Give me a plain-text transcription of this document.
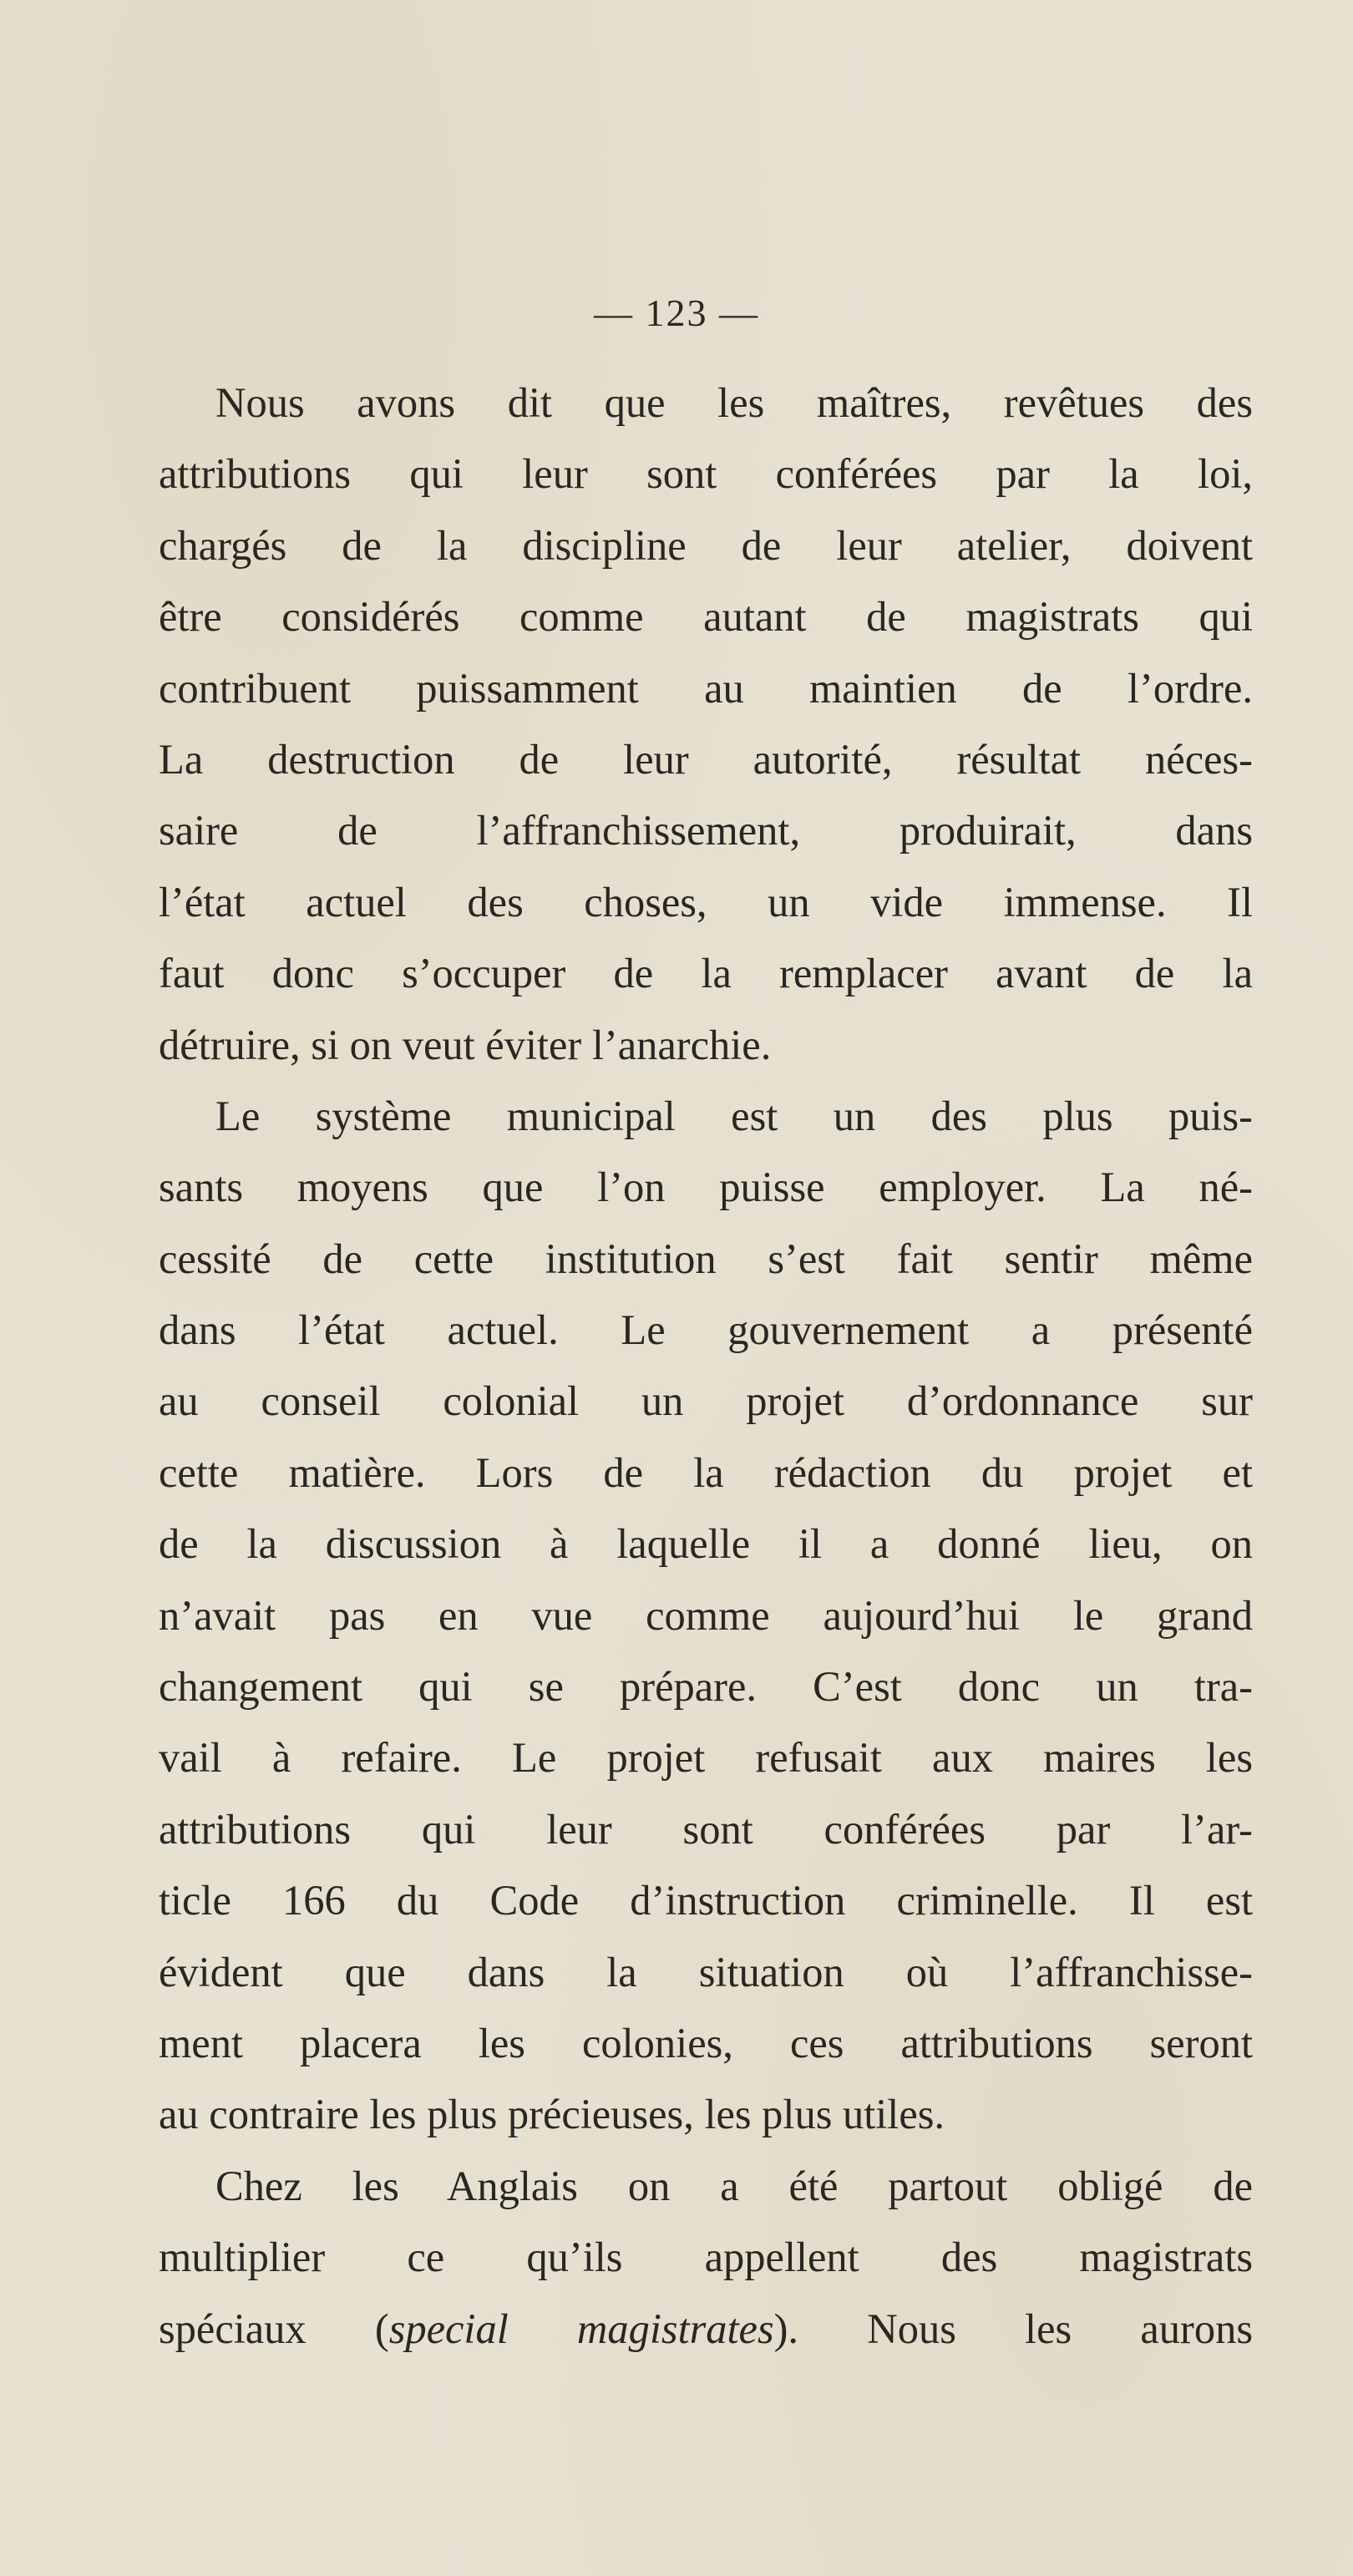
— 123 —
Nous avons dit que les maîtres, revêtues des
attributions qui leur sont conférées par la loi,
chargés de la discipline de leur atelier, doivent
être considérés comme autant de magistrats qui
contribuent puissamment au maintien de l’ordre.
La destruction de leur autorité, résultat néces-
saire de l’affranchissement, produirait, dans
l’état actuel des choses, un vide immense. Il
faut donc s’occuper de la remplacer avant de la
détruire, si on veut éviter l’anarchie.
Le système municipal est un des plus puis-
sants moyens que l’on puisse employer. La né-
cessité de cette institution s’est fait sentir même
dans l’état actuel. Le gouvernement a présenté
au conseil colonial un projet d’ordonnance sur
cette matière. Lors de la rédaction du projet et
de la discussion à laquelle il a donné lieu, on
n’avait pas en vue comme aujourd’hui le grand
changement qui se prépare. C’est donc un tra-
vail à refaire. Le projet refusait aux maires les
attributions qui leur sont conférées par l’ar-
ticle 166 du Code d’instruction criminelle. Il est
évident que dans la situation où l’affranchisse-
ment placera les colonies, ces attributions seront
au contraire les plus précieuses, les plus utiles.
Chez les Anglais on a été partout obligé de
multiplier ce qu’ils appellent des magistrats
spéciaux (special magistrates). Nous les aurons
